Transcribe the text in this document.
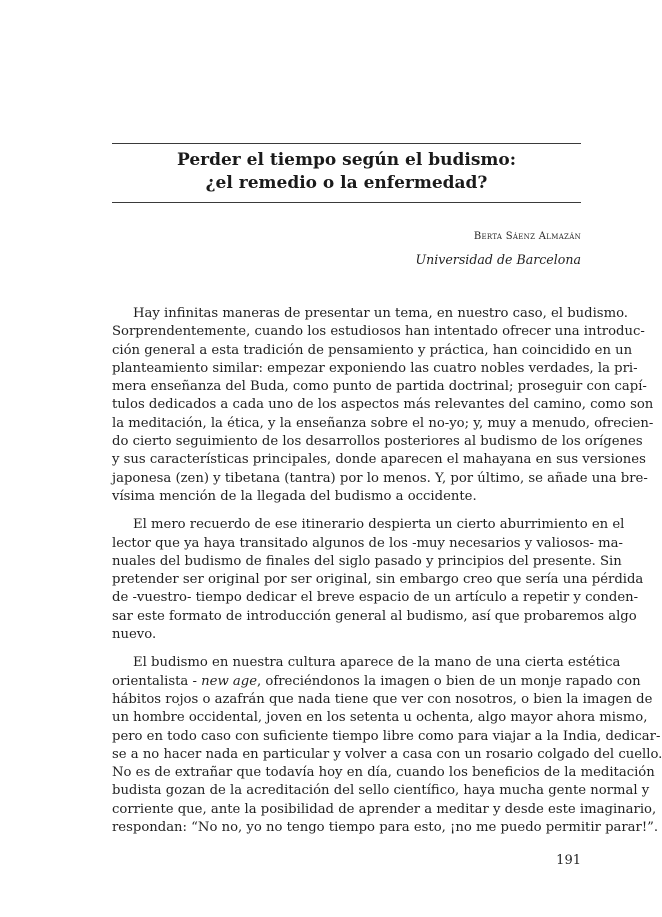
Perder el tiempo según el budismo:
¿el remedio o la enfermedad?
Berta Sáenz Almazán
Universidad de Barcelona
Hay infinitas maneras de presentar un tema, en nuestro caso, el budismo.
Sorprendentemente, cuando los estudiosos han intentado ofrecer una introduc-
ción general a esta tradición de pensamiento y práctica, han coincidido en un
planteamiento similar: empezar exponiendo las cuatro nobles verdades, la pri-
mera enseñanza del Buda, como punto de partida doctrinal; proseguir con capí-
tulos dedicados a cada uno de los aspectos más relevantes del camino, como son
la meditación, la ética, y la enseñanza sobre el no-yo; y, muy a menudo, ofrecien-
do cierto seguimiento de los desarrollos posteriores al budismo de los orígenes
y sus características principales, donde aparecen el mahayana en sus versiones
japonesa (zen) y tibetana (tantra) por lo menos. Y, por último, se añade una bre-
vísima mención de la llegada del budismo a occidente.
El mero recuerdo de ese itinerario despierta un cierto aburrimiento en el
lector que ya haya transitado algunos de los -muy necesarios y valiosos- ma-
nuales del budismo de finales del siglo pasado y principios del presente. Sin
pretender ser original por ser original, sin embargo creo que sería una pérdida
de -vuestro- tiempo dedicar el breve espacio de un artículo a repetir y conden-
sar este formato de introducción general al budismo, así que probaremos algo
nuevo.
El budismo en nuestra cultura aparece de la mano de una cierta estética
orientalista - new age, ofreciéndonos la imagen o bien de un monje rapado con
hábitos rojos o azafrán que nada tiene que ver con nosotros, o bien la imagen de
un hombre occidental, joven en los setenta u ochenta, algo mayor ahora mismo,
pero en todo caso con suficiente tiempo libre como para viajar a la India, dedicar-
se a no hacer nada en particular y volver a casa con un rosario colgado del cuello.
No es de extrañar que todavía hoy en día, cuando los beneficios de la meditación
budista gozan de la acreditación del sello científico, haya mucha gente normal y
corriente que, ante la posibilidad de aprender a meditar y desde este imaginario,
respondan: “No no, yo no tengo tiempo para esto, ¡no me puedo permitir parar!”.
191
